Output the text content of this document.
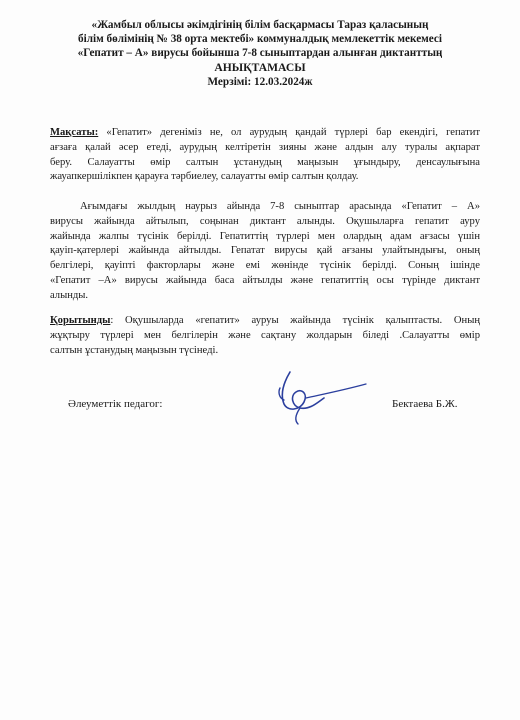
«Жамбыл облысы әкімдігінің білім басқармасы Тараз қаласының
білім бөлімінің № 38 орта мектебі» коммуналдық мемлекеттік мекемесі
«Гепатит – А» вирусы бойынша 7-8 сыныптардан алынған диктанттың
АНЫҚТАМАСЫ
Мерзімі: 12.03.2024ж
Мақсаты: «Гепатит» дегеніміз не, ол аурудың қандай түрлері бар екендігі, гепатит
ағзаға қалай әсер етеді, аурудың келтіретін зияны және алдын алу туралы ақпарат
беру. Салауатты өмір салтын ұстанудың маңызын ұғындыру, денсаулығына
жауапкершілікпен қарауға тәрбиелеу, салауатты өмір салтын қолдау.
Ағымдағы жылдың наурыз айында 7-8 сыныптар арасында «Гепатит – А»
вирусы жайында айтылып, соңынан диктант алынды. Оқушыларға гепатит ауру
жайында жалпы түсінік берілді. Гепатиттің түрлері мен олардың адам ағзасы үшін
қауіп-қатерлері жайында айтылды. Гепатат вирусы қай ағзаны улайтындығы, оның
белгілері, қауіпті факторлары және емі жөнінде түсінік берілді. Соның ішінде
«Гепатит –А» вирусы жайында баса айтылды және гепатиттің осы түрінде диктант
алынды.
Қорытынды: Оқушыларда «гепатит» ауруы жайында түсінік қалыптасты. Оның
жұқтыру түрлері мен белгілерін және сақтану жолдарын біледі .Салауатты өмір
салтын ұстанудың маңызын түсінеді.
Әлеуметтік педагог:	Бектаева Б.Ж.
